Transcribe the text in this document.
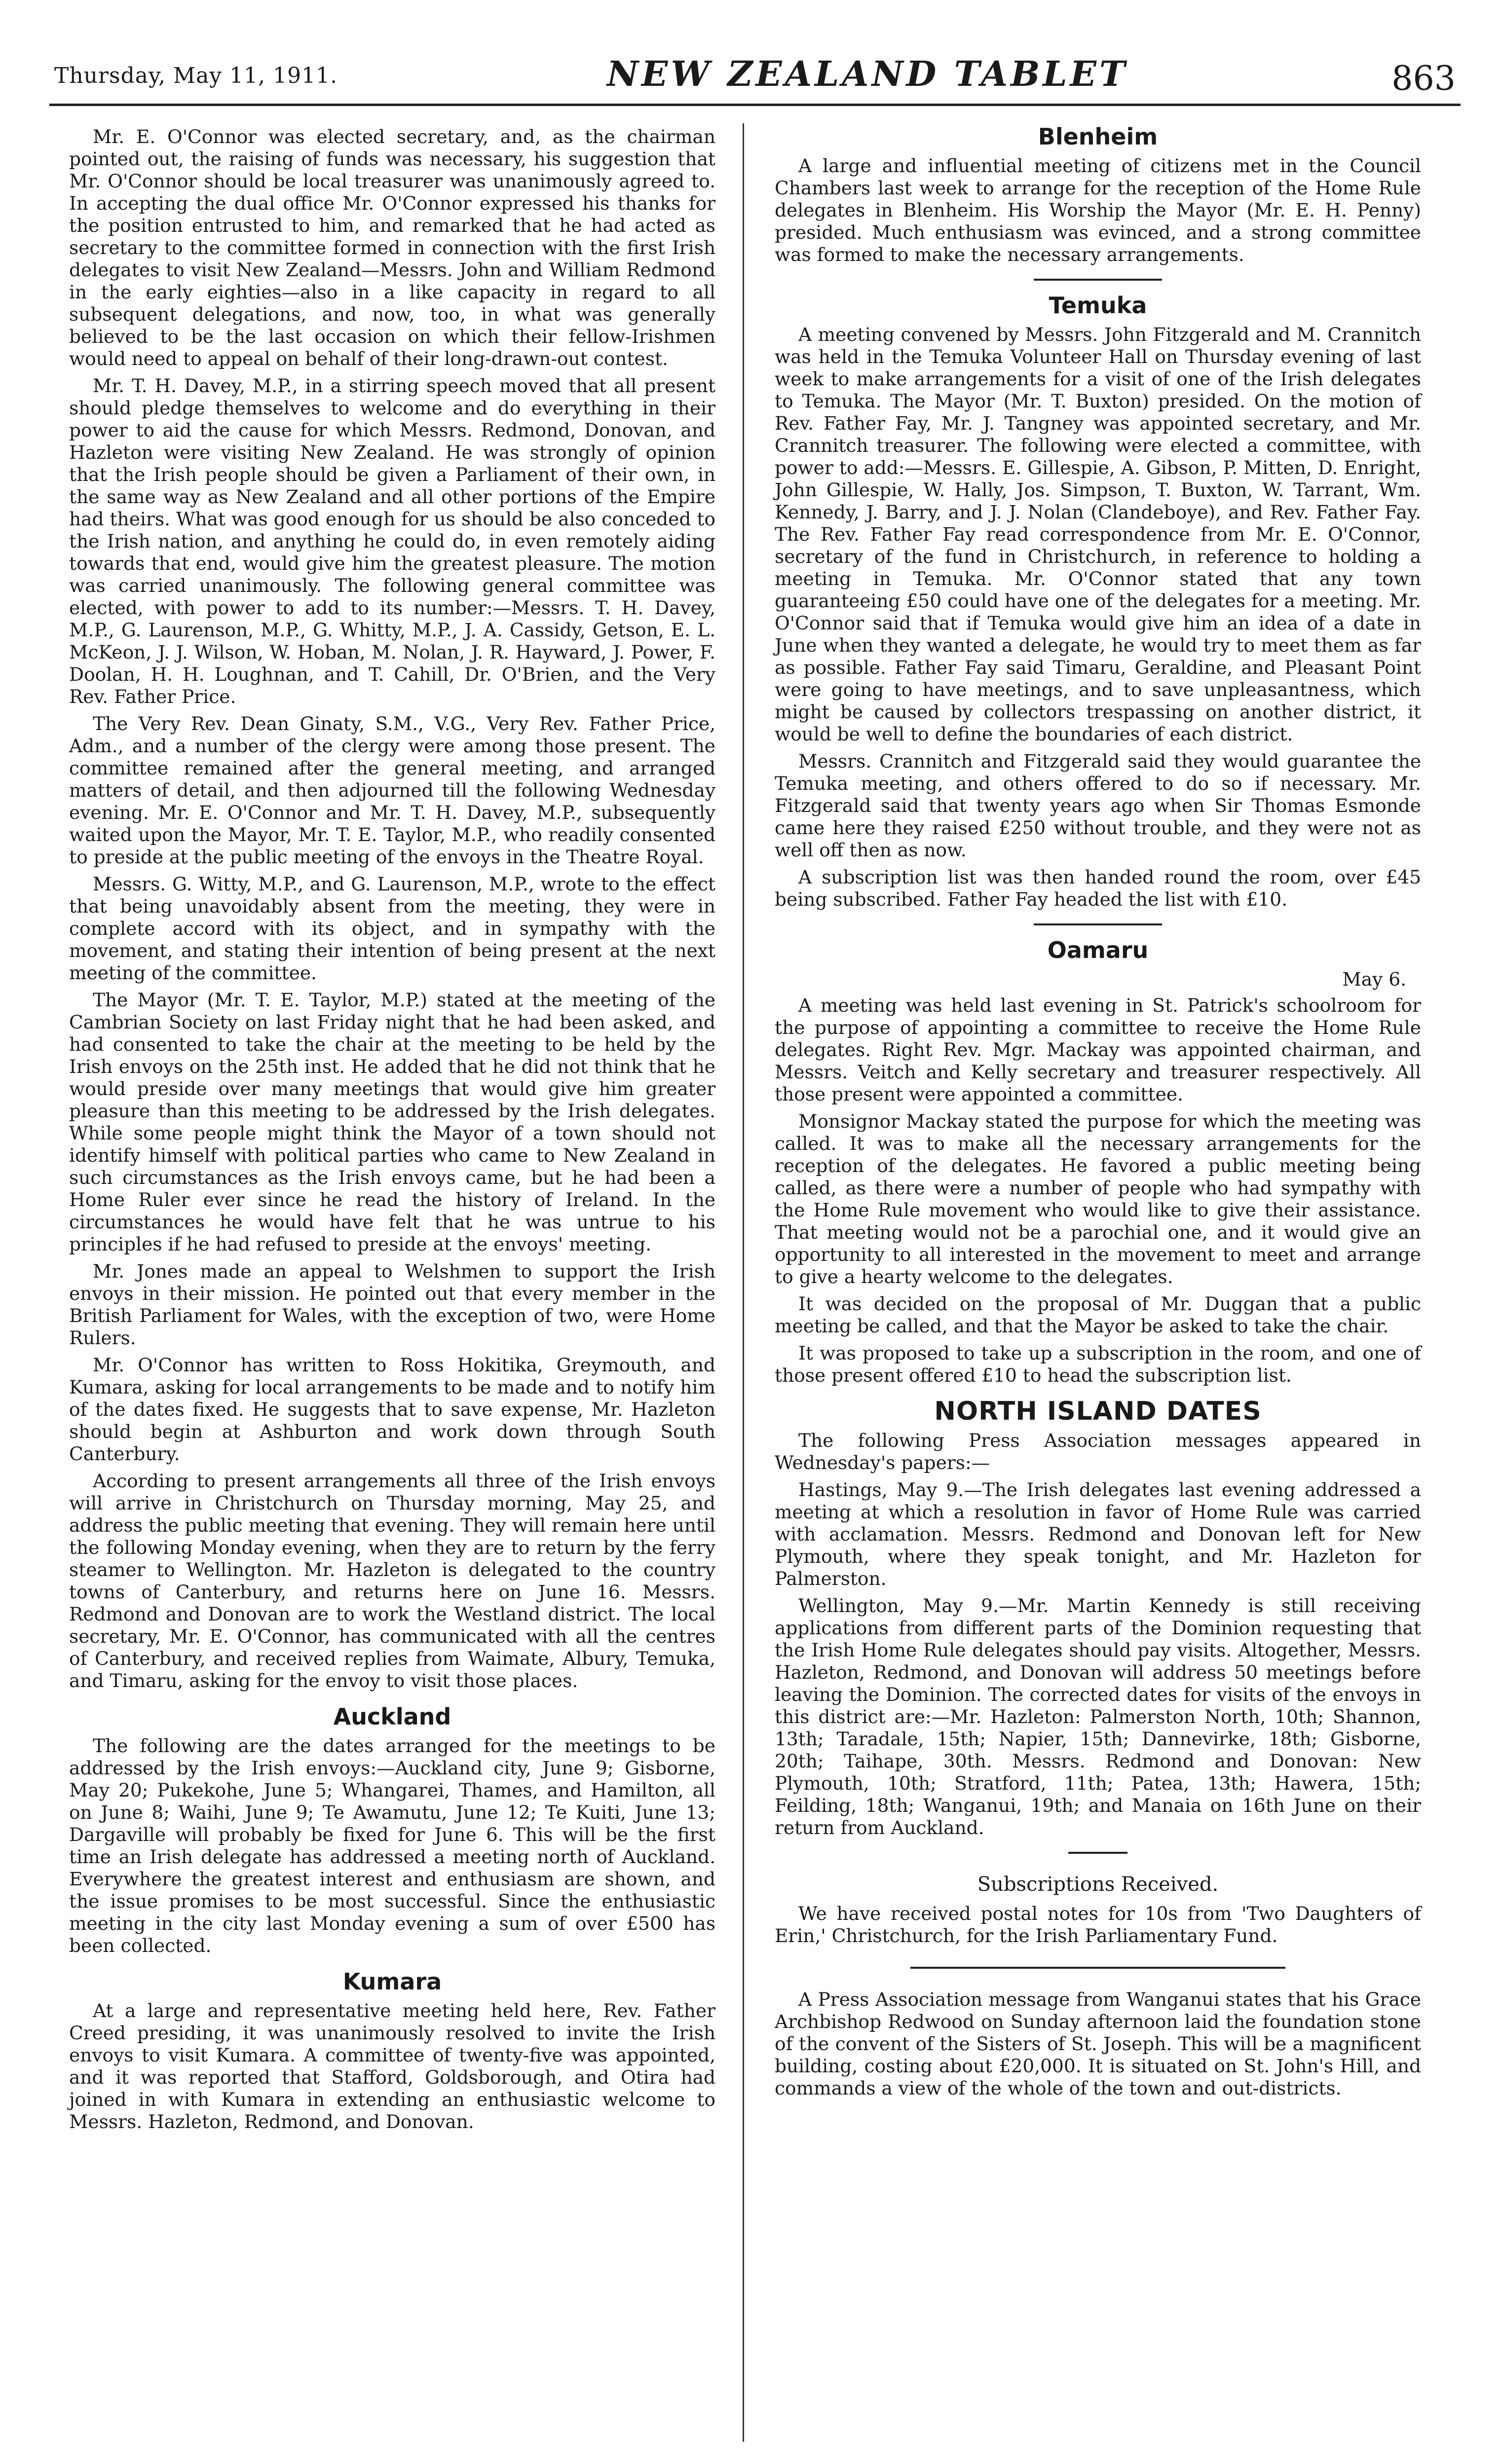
Thursday, May 11, 1911.	NEW ZEALAND TABLET	863

Mr. E. O'Connor was elected secretary, and, as the chairman pointed out, the raising of funds was necessary, his suggestion that Mr. O'Connor should be local treasurer was unanimously agreed to. In accepting the dual office Mr. O'Connor expressed his thanks for the position entrusted to him, and remarked that he had acted as secretary to the committee formed in connection with the first Irish delegates to visit New Zealand—Messrs. John and William Redmond in the early eighties—also in a like capacity in regard to all subsequent delegations, and now, too, in what was generally believed to be the last occasion on which their fellow-Irishmen would need to appeal on behalf of their long-drawn-out contest.

Mr. T. H. Davey, M.P., in a stirring speech moved that all present should pledge themselves to welcome and do everything in their power to aid the cause for which Messrs. Redmond, Donovan, and Hazleton were visiting New Zealand. He was strongly of opinion that the Irish people should be given a Parliament of their own, in the same way as New Zealand and all other portions of the Empire had theirs. What was good enough for us should be also conceded to the Irish nation, and anything he could do, in even remotely aiding towards that end, would give him the greatest pleasure. The motion was carried unanimously. The following general committee was elected, with power to add to its number:—Messrs. T. H. Davey, M.P., G. Laurenson, M.P., G. Whitty, M.P., J. A. Cassidy, Getson, E. L. McKeon, J. J. Wilson, W. Hoban, M. Nolan, J. R. Hayward, J. Power, F. Doolan, H. H. Loughnan, and T. Cahill, Dr. O'Brien, and the Very Rev. Father Price.

The Very Rev. Dean Ginaty, S.M., V.G., Very Rev. Father Price, Adm., and a number of the clergy were among those present. The committee remained after the general meeting, and arranged matters of detail, and then adjourned till the following Wednesday evening. Mr. E. O'Connor and Mr. T. H. Davey, M.P., subsequently waited upon the Mayor, Mr. T. E. Taylor, M.P., who readily consented to preside at the public meeting of the envoys in the Theatre Royal.

Messrs. G. Witty, M.P., and G. Laurenson, M.P., wrote to the effect that being unavoidably absent from the meeting, they were in complete accord with its object, and in sympathy with the movement, and stating their intention of being present at the next meeting of the committee.

The Mayor (Mr. T. E. Taylor, M.P.) stated at the meeting of the Cambrian Society on last Friday night that he had been asked, and had consented to take the chair at the meeting to be held by the Irish envoys on the 25th inst. He added that he did not think that he would preside over many meetings that would give him greater pleasure than this meeting to be addressed by the Irish delegates. While some people might think the Mayor of a town should not identify himself with political parties who came to New Zealand in such circumstances as the Irish envoys came, but he had been a Home Ruler ever since he read the history of Ireland. In the circumstances he would have felt that he was untrue to his principles if he had refused to preside at the envoys' meeting.

Mr. Jones made an appeal to Welshmen to support the Irish envoys in their mission. He pointed out that every member in the British Parliament for Wales, with the exception of two, were Home Rulers.

Mr. O'Connor has written to Ross Hokitika, Greymouth, and Kumara, asking for local arrangements to be made and to notify him of the dates fixed. He suggests that to save expense, Mr. Hazleton should begin at Ashburton and work down through South Canterbury.

According to present arrangements all three of the Irish envoys will arrive in Christchurch on Thursday morning, May 25, and address the public meeting that evening. They will remain here until the following Monday evening, when they are to return by the ferry steamer to Wellington. Mr. Hazleton is delegated to the country towns of Canterbury, and returns here on June 16. Messrs. Redmond and Donovan are to work the Westland district. The local secretary, Mr. E. O'Connor, has communicated with all the centres of Canterbury, and received replies from Waimate, Albury, Temuka, and Timaru, asking for the envoy to visit those places.

Auckland

The following are the dates arranged for the meetings to be addressed by the Irish envoys:—Auckland city, June 9; Gisborne, May 20; Pukekohe, June 5; Whangarei, Thames, and Hamilton, all on June 8; Waihi, June 9; Te Awamutu, June 12; Te Kuiti, June 13; Dargaville will probably be fixed for June 6. This will be the first time an Irish delegate has addressed a meeting north of Auckland. Everywhere the greatest interest and enthusiasm are shown, and the issue promises to be most successful. Since the enthusiastic meeting in the city last Monday evening a sum of over £500 has been collected.

Kumara

At a large and representative meeting held here, Rev. Father Creed presiding, it was unanimously resolved to invite the Irish envoys to visit Kumara. A committee of twenty-five was appointed, and it was reported that Stafford, Goldsborough, and Otira had joined in with Kumara in extending an enthusiastic welcome to Messrs. Hazleton, Redmond, and Donovan.

Blenheim

A large and influential meeting of citizens met in the Council Chambers last week to arrange for the reception of the Home Rule delegates in Blenheim. His Worship the Mayor (Mr. E. H. Penny) presided. Much enthusiasm was evinced, and a strong committee was formed to make the necessary arrangements.

Temuka

A meeting convened by Messrs. John Fitzgerald and M. Crannitch was held in the Temuka Volunteer Hall on Thursday evening of last week to make arrangements for a visit of one of the Irish delegates to Temuka. The Mayor (Mr. T. Buxton) presided. On the motion of Rev. Father Fay, Mr. J. Tangney was appointed secretary, and Mr. Crannitch treasurer. The following were elected a committee, with power to add:—Messrs. E. Gillespie, A. Gibson, P. Mitten, D. Enright, John Gillespie, W. Hally, Jos. Simpson, T. Buxton, W. Tarrant, Wm. Kennedy, J. Barry, and J. J. Nolan (Clandeboye), and Rev. Father Fay. The Rev. Father Fay read correspondence from Mr. E. O'Connor, secretary of the fund in Christchurch, in reference to holding a meeting in Temuka. Mr. O'Connor stated that any town guaranteeing £50 could have one of the delegates for a meeting. Mr. O'Connor said that if Temuka would give him an idea of a date in June when they wanted a delegate, he would try to meet them as far as possible. Father Fay said Timaru, Geraldine, and Pleasant Point were going to have meetings, and to save unpleasantness, which might be caused by collectors trespassing on another district, it would be well to define the boundaries of each district.

Messrs. Crannitch and Fitzgerald said they would guarantee the Temuka meeting, and others offered to do so if necessary. Mr. Fitzgerald said that twenty years ago when Sir Thomas Esmonde came here they raised £250 without trouble, and they were not as well off then as now.

A subscription list was then handed round the room, over £45 being subscribed. Father Fay headed the list with £10.

Oamaru
May 6.

A meeting was held last evening in St. Patrick's schoolroom for the purpose of appointing a committee to receive the Home Rule delegates. Right Rev. Mgr. Mackay was appointed chairman, and Messrs. Veitch and Kelly secretary and treasurer respectively. All those present were appointed a committee.

Monsignor Mackay stated the purpose for which the meeting was called. It was to make all the necessary arrangements for the reception of the delegates. He favored a public meeting being called, as there were a number of people who had sympathy with the Home Rule movement who would like to give their assistance. That meeting would not be a parochial one, and it would give an opportunity to all interested in the movement to meet and arrange to give a hearty welcome to the delegates.

It was decided on the proposal of Mr. Duggan that a public meeting be called, and that the Mayor be asked to take the chair.

It was proposed to take up a subscription in the room, and one of those present offered £10 to head the subscription list.

NORTH ISLAND DATES

The following Press Association messages appeared in Wednesday's papers:—

Hastings, May 9.—The Irish delegates last evening addressed a meeting at which a resolution in favor of Home Rule was carried with acclamation. Messrs. Redmond and Donovan left for New Plymouth, where they speak tonight, and Mr. Hazleton for Palmerston.

Wellington, May 9.—Mr. Martin Kennedy is still receiving applications from different parts of the Dominion requesting that the Irish Home Rule delegates should pay visits. Altogether, Messrs. Hazleton, Redmond, and Donovan will address 50 meetings before leaving the Dominion. The corrected dates for visits of the envoys in this district are:—Mr. Hazleton: Palmerston North, 10th; Shannon, 13th; Taradale, 15th; Napier, 15th; Dannevirke, 18th; Gisborne, 20th; Taihape, 30th. Messrs. Redmond and Donovan: New Plymouth, 10th; Stratford, 11th; Patea, 13th; Hawera, 15th; Feilding, 18th; Wanganui, 19th; and Manaia on 16th June on their return from Auckland.

Subscriptions Received.

We have received postal notes for 10s from 'Two Daughters of Erin,' Christchurch, for the Irish Parliamentary Fund.

A Press Association message from Wanganui states that his Grace Archbishop Redwood on Sunday afternoon laid the foundation stone of the convent of the Sisters of St. Joseph. This will be a magnificent building, costing about £20,000. It is situated on St. John's Hill, and commands a view of the whole of the town and out-districts.
